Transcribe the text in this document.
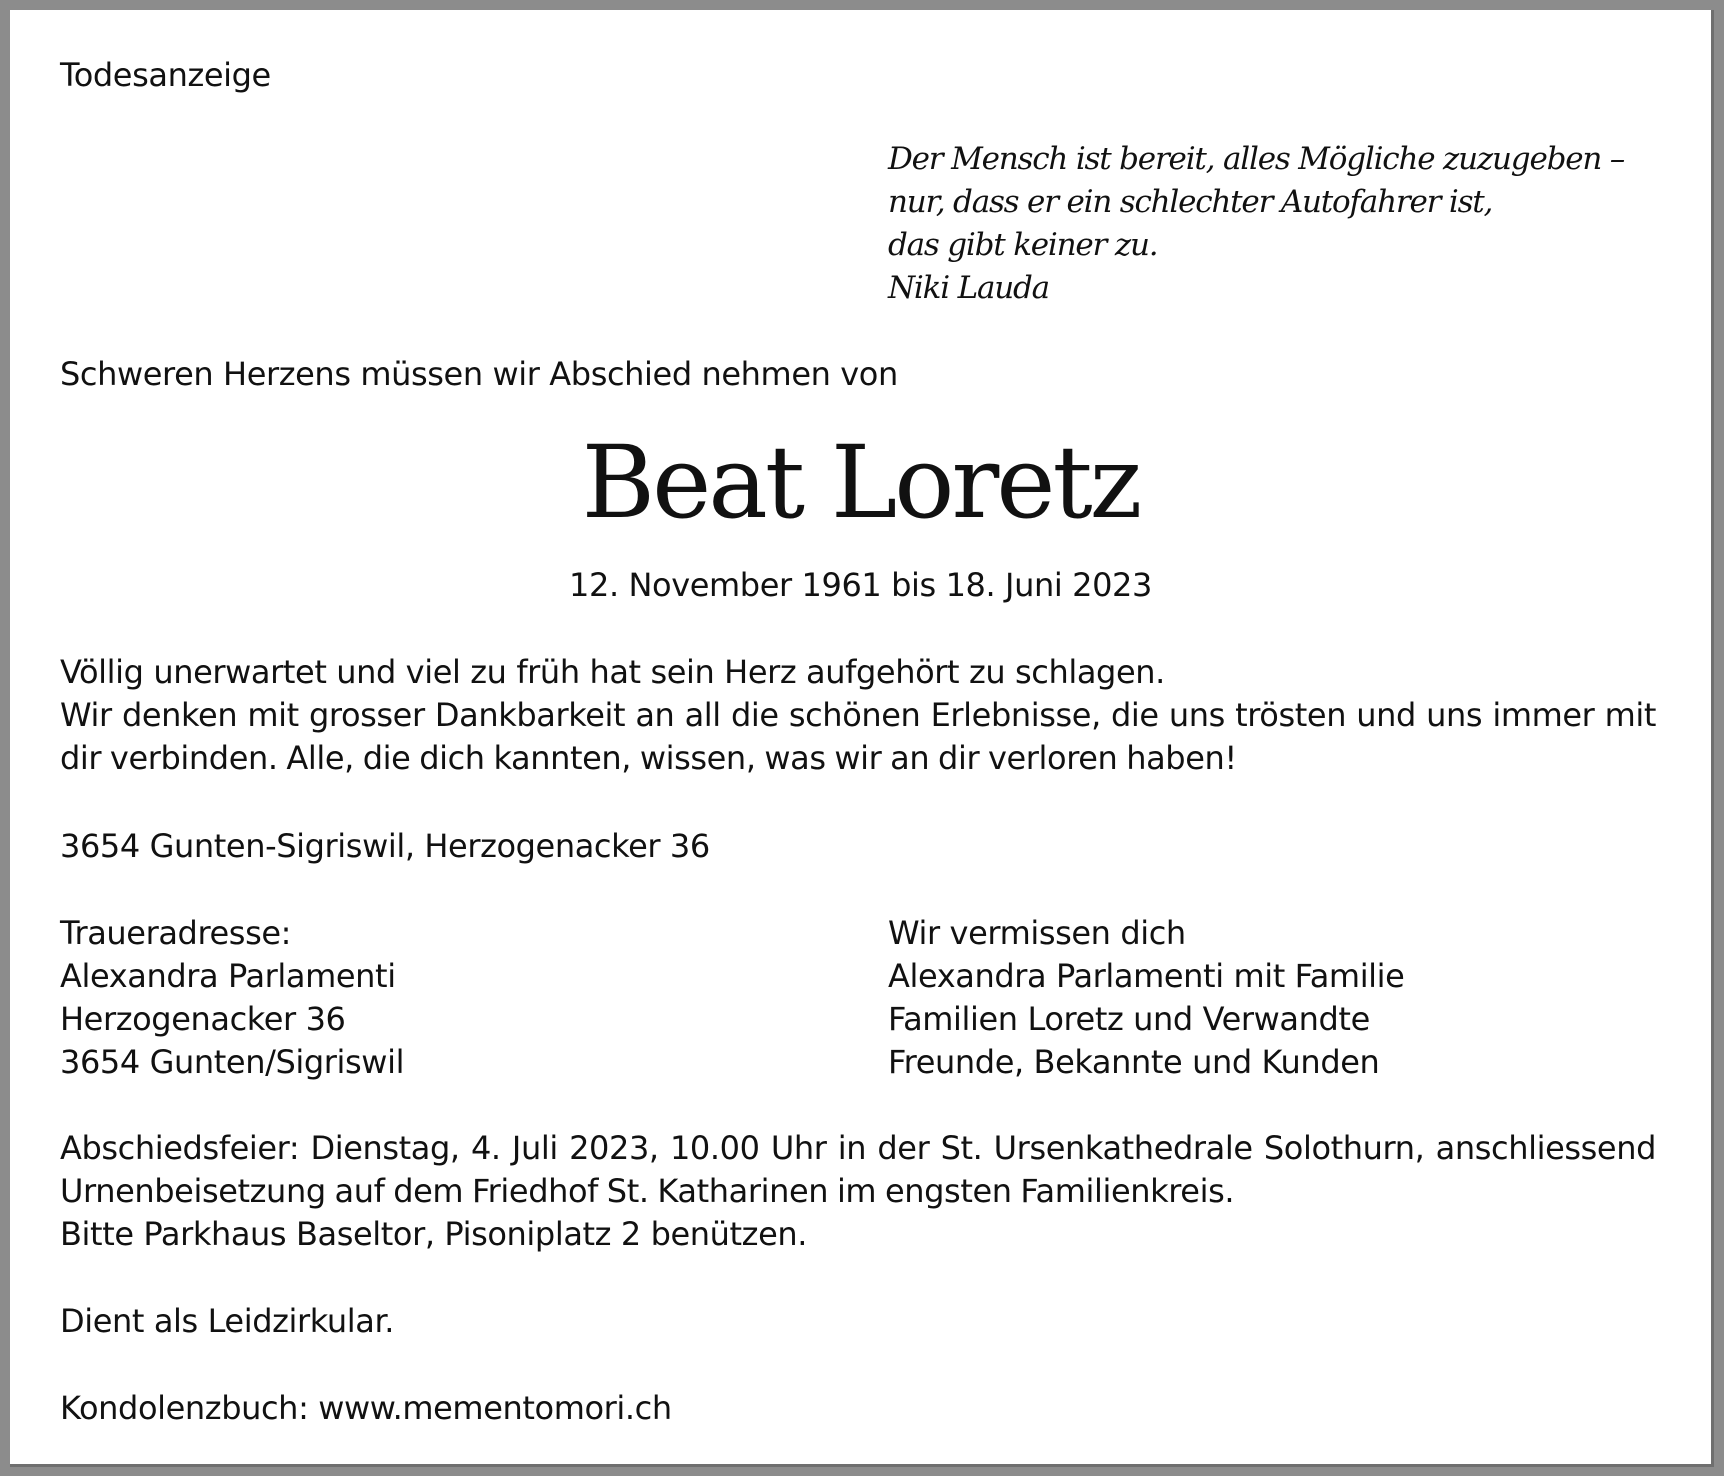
Todesanzeige
Der Mensch ist bereit, alles Mögliche zuzugeben –
nur, dass er ein schlechter Autofahrer ist,
das gibt keiner zu.
Niki Lauda
Schweren Herzens müssen wir Abschied nehmen von
Beat Loretz
12. November 1961 bis 18. Juni 2023
Völlig unerwartet und viel zu früh hat sein Herz aufgehört zu schlagen.
Wir denken mit grosser Dankbarkeit an all die schönen Erlebnisse, die uns trösten und uns immer mit dir verbinden. Alle, die dich kannten, wissen, was wir an dir verloren haben!
3654 Gunten-Sigriswil, Herzogenacker 36
Traueradresse:
Alexandra Parlamenti
Herzogenacker 36
3654 Gunten/Sigriswil
Wir vermissen dich
Alexandra Parlamenti mit Familie
Familien Loretz und Verwandte
Freunde, Bekannte und Kunden
Abschiedsfeier: Dienstag, 4. Juli 2023, 10.00 Uhr in der St. Ursenkathedrale Solothurn, anschliessend Urnenbeisetzung auf dem Friedhof St. Katharinen im engsten Familienkreis.
Bitte Parkhaus Baseltor, Pisoniplatz 2 benützen.
Dient als Leidzirkular.
Kondolenzbuch: www.mementomori.ch
